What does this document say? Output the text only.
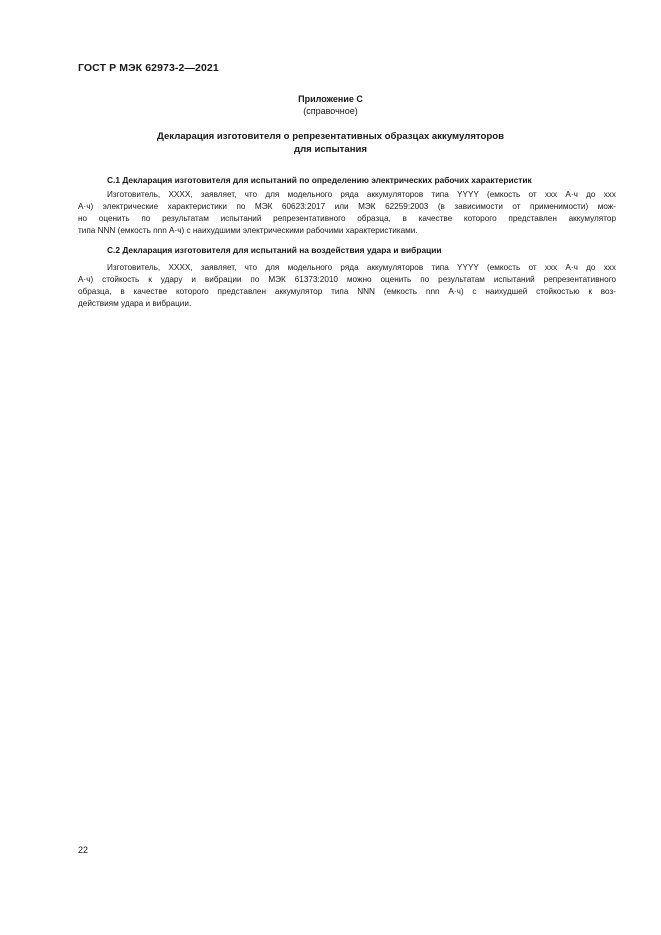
ГОСТ Р МЭК 62973-2—2021
Приложение С
(справочное)
Декларация изготовителя о репрезентативных образцах аккумуляторов
для испытания
С.1 Декларация изготовителя для испытаний по определению электрических рабочих характеристик
Изготовитель, ХХХХ, заявляет, что для модельного ряда аккумуляторов типа YYYY (емкость от ххх А·ч до ххх
А·ч) электрические характеристики по МЭК 60623:2017 или МЭК 62259:2003 (в зависимости от применимости) мож-
но оценить по результатам испытаний репрезентативного образца, в качестве которого представлен аккумулятор
типа NNN (емкость nnn А·ч) с наихудшими электрическими рабочими характеристиками.
С.2 Декларация изготовителя для испытаний на воздействия удара и вибрации
Изготовитель, ХХХХ, заявляет, что для модельного ряда аккумуляторов типа YYYY (емкость от ххх А·ч до ххх
А·ч) стойкость к удару и вибрации по МЭК 61373:2010 можно оценить по результатам испытаний репрезентативного
образца, в качестве которого представлен аккумулятор типа NNN (емкость nnn А·ч) с наихудшей стойкостью к воз-
действиям удара и вибрации.
22
